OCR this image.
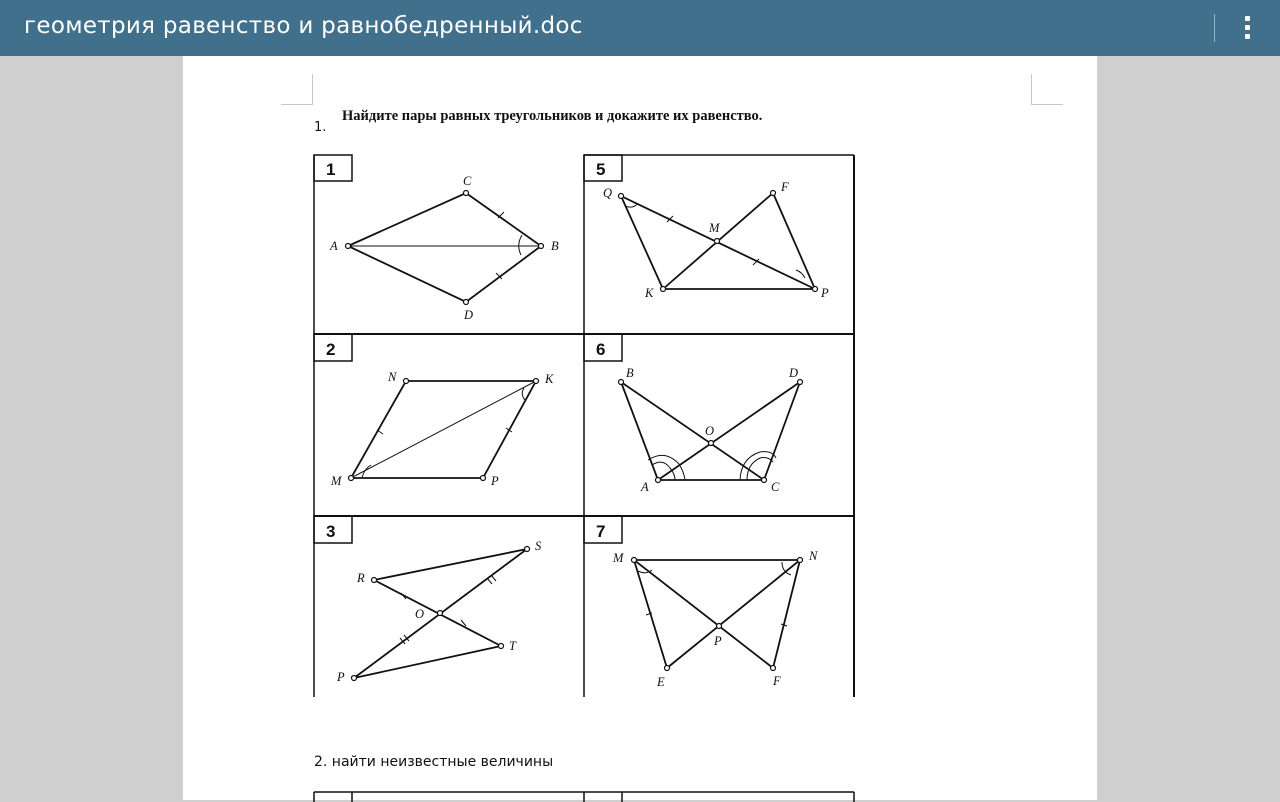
геометрия равенство и равнобедренный.doc
1.
Найдите пары равных треугольников и докажите их равенство.
A	B
C
D
Q	F
M
K	P
N	K
M	P
B	D
O
A	C
S
R
O
T
P
M	N
P
E	F
1	5
2	6
3	7
2. найти неизвестные величины
